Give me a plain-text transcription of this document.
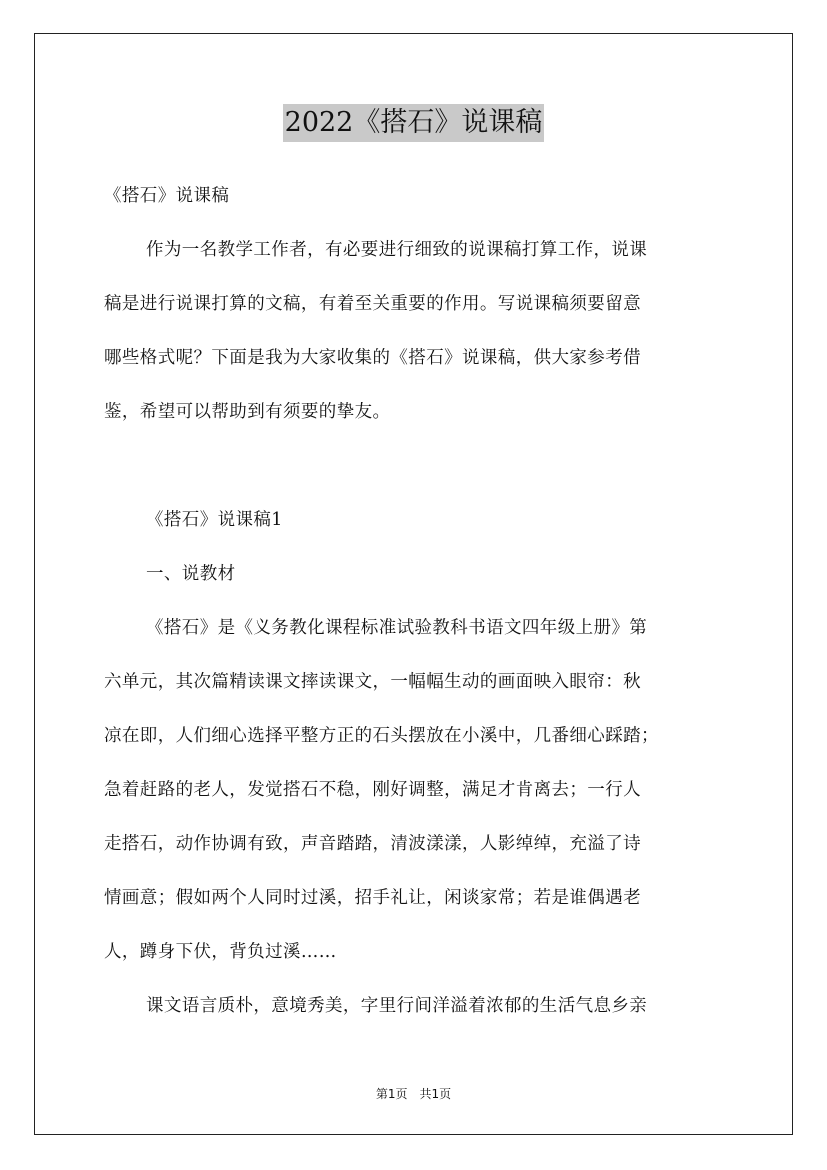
2022《搭石》说课稿
《搭石》说课稿
作为一名教学工作者，有必要进行细致的说课稿打算工作，说课
稿是进行说课打算的文稿，有着至关重要的作用。写说课稿须要留意
哪些格式呢？下面是我为大家收集的《搭石》说课稿，供大家参考借
鉴，希望可以帮助到有须要的挚友。
《搭石》说课稿1
一、说教材
《搭石》是《义务教化课程标准试验教科书语文四年级上册》第
六单元，其次篇精读课文摔读课文，一幅幅生动的画面映入眼帘：秋
凉在即，人们细心选择平整方正的石头摆放在小溪中，几番细心踩踏；
急着赶路的老人，发觉搭石不稳，刚好调整，满足才肯离去；一行人
走搭石，动作协调有致，声音踏踏，清波漾漾，人影绰绰，充溢了诗
情画意；假如两个人同时过溪，招手礼让，闲谈家常；若是谁偶遇老
人，蹲身下伏，背负过溪……
课文语言质朴，意境秀美，字里行间洋溢着浓郁的生活气息乡亲
第1页　共1页
